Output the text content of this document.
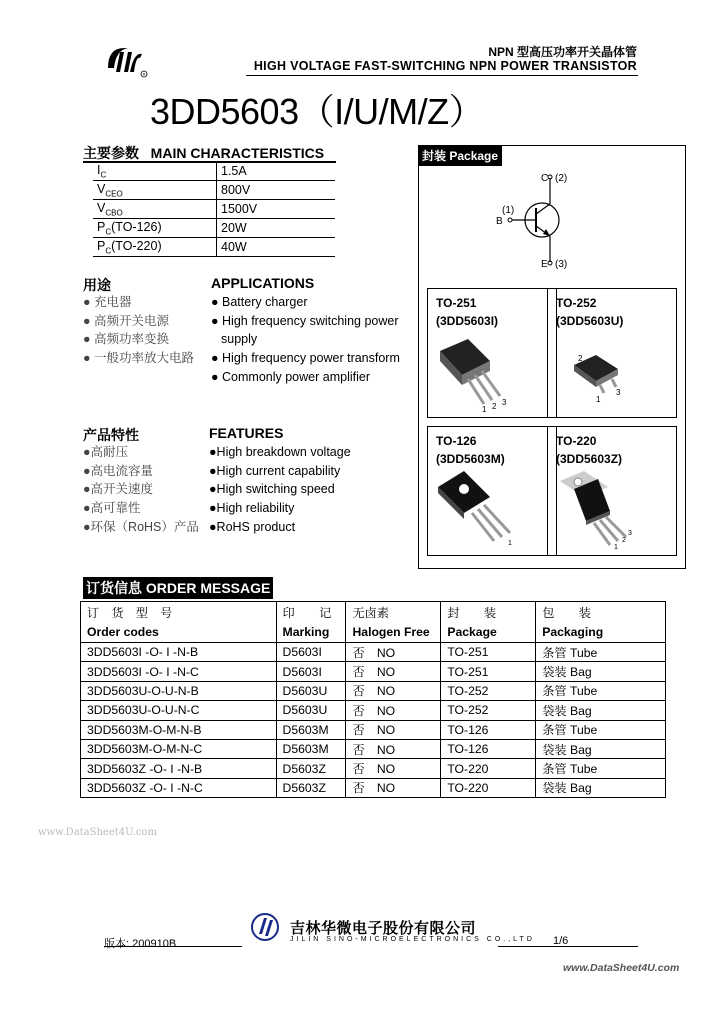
R
NPN 型高压功率开关晶体管
HIGH VOLTAGE FAST-SWITCHING NPN POWER TRANSISTOR
3DD5603（I/U/M/Z）
主要参数 MAIN CHARACTERISTICS
$I_C$	1.5A
$V_{CEO}$	800V
$V_{CBO}$	1500V
$P_C(TO-126)$	20W
$P_C(TO-220)$	40W
封装 Package
C (2)
(1)
B
E (3)
TO-251
(3DD5603I)
1 2 3
TO-252
(3DD5603U)
2
1
3
TO-126
(3DD5603M)
1
TO-220
(3DD5603Z)
3
2
1
用途	APPLICATIONS
● 充电器
● 高频开关电源
● 高频功率变换
● 一般功率放大电路
● Battery charger
● High frequency switching power
supply
● High frequency power transform
● Commonly power amplifier
产品特性	FEATURES
●高耐压
●高电流容量
●高开关速度
●高可靠性
●环保（RoHS）产品
●High breakdown voltage
●High current capability
●High switching speed
●High reliability
●RoHS product
订货信息 ORDER MESSAGE
订　货　型　号	印　　记	无卤素	封　　装	包　　装
Order codes	Marking	Halogen Free	Package	Packaging
3DD5603I -O- I -N-B	D5603I	否　NO	TO-251	条管 Tube
3DD5603I -O- I -N-C	D5603I	否　NO	TO-251	袋装 Bag
3DD5603U-O-U-N-B	D5603U	否　NO	TO-252	条管 Tube
3DD5603U-O-U-N-C	D5603U	否　NO	TO-252	袋装 Bag
3DD5603M-O-M-N-B	D5603M	否　NO	TO-126	条管 Tube
3DD5603M-O-M-N-C	D5603M	否　NO	TO-126	袋装 Bag
3DD5603Z -O- I -N-B	D5603Z	否　NO	TO-220	条管 Tube
3DD5603Z -O- I -N-C	D5603Z	否　NO	TO-220	袋装 Bag
www.DataSheet4U.com
吉林华微电子股份有限公司
JILIN SINO-MICROELECTRONICS CO.,LTD
版本: 200910B	1/6
www.DataSheet4U.com
